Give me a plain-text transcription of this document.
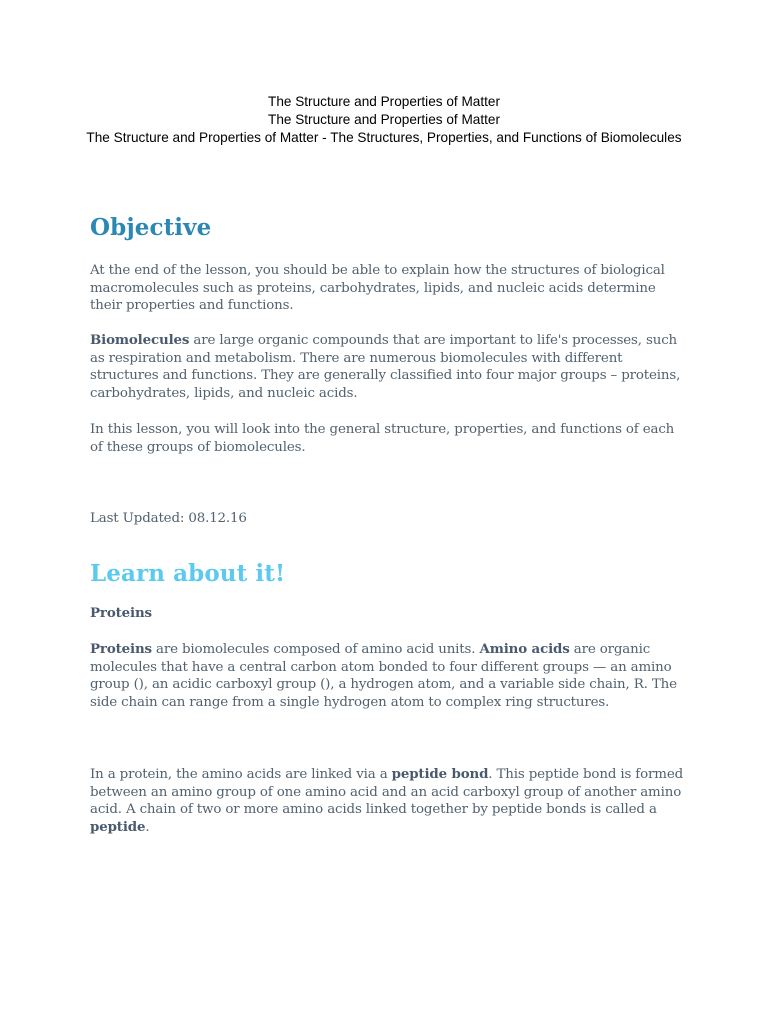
The Structure and Properties of Matter
The Structure and Properties of Matter
The Structure and Properties of Matter - The Structures, Properties, and Functions of Biomolecules
Objective

At the end of the lesson, you should be able to explain how the structures of biological macromolecules such as proteins, carbohydrates, lipids, and nucleic acids determine their properties and functions.

Biomolecules are large organic compounds that are important to life's processes, such as respiration and metabolism. There are numerous biomolecules with different structures and functions. They are generally classified into four major groups – proteins, carbohydrates, lipids, and nucleic acids.

In this lesson, you will look into the general structure, properties, and functions of each of these groups of biomolecules.

Last Updated: 08.12.16

Learn about it!

Proteins

Proteins are biomolecules composed of amino acid units. Amino acids are organic molecules that have a central carbon atom bonded to four different groups — an amino group (), an acidic carboxyl group (), a hydrogen atom, and a variable side chain, R. The side chain can range from a single hydrogen atom to complex ring structures.

In a protein, the amino acids are linked via a peptide bond. This peptide bond is formed between an amino group of one amino acid and an acid carboxyl group of another amino acid. A chain of two or more amino acids linked together by peptide bonds is called a peptide.
